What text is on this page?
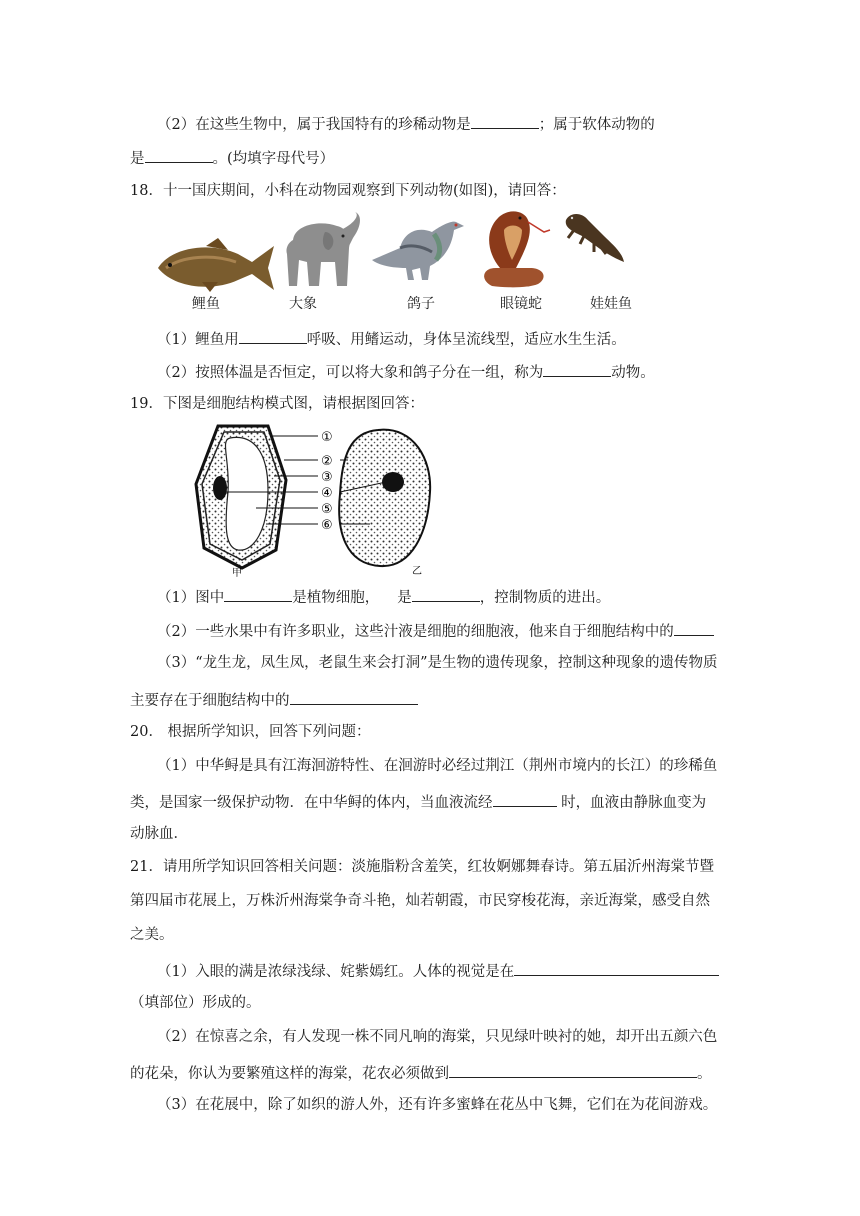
（2）在这些生物中，属于我国特有的珍稀动物是	；属于软体动物的
是	。(均填字母代号）
18．十一国庆期间，小科在动物园观察到下列动物(如图)，请回答：
鲤鱼	大象	鸽子	眼镜蛇	娃娃鱼
（1）鲤鱼用	呼吸、用鳍运动，身体呈流线型，适应水生生活。
（2）按照体温是否恒定，可以将大象和鸽子分在一组，称为	动物。
19．下图是细胞结构模式图，请根据图回答：
①
②
③
④
⑤
⑥
甲	乙
（1）图中	是植物细胞， 是	，控制物质的进出。
（2）一些水果中有许多职业，这些汁液是细胞的细胞液，他来自于细胞结构中的
（3）“龙生龙，凤生凤，老鼠生来会打洞”是生物的遗传现象，控制这种现象的遗传物质
主要存在于细胞结构中的
20． 根据所学知识，回答下列问题：
（1）中华鲟是具有江海洄游特性、在洄游时必经过荆江（荆州市境内的长江）的珍稀鱼
类，是国家一级保护动物．在中华鲟的体内，当血液流经	时，血液由静脉血变为
动脉血．
21．请用所学知识回答相关问题：淡施脂粉含羞笑，红妆婀娜舞春诗。第五届沂州海棠节暨
第四届市花展上，万株沂州海棠争奇斗艳，灿若朝霞，市民穿梭花海，亲近海棠，感受自然
之美。
（1）入眼的满是浓绿浅绿、姹紫嫣红。人体的视觉是在
（填部位）形成的。
（2）在惊喜之余，有人发现一株不同凡响的海棠，只见绿叶映衬的她，却开出五颜六色
的花朵，你认为要繁殖这样的海棠，花农必须做到	。
（3）在花展中，除了如织的游人外，还有许多蜜蜂在花丛中飞舞，它们在为花间游戏。
